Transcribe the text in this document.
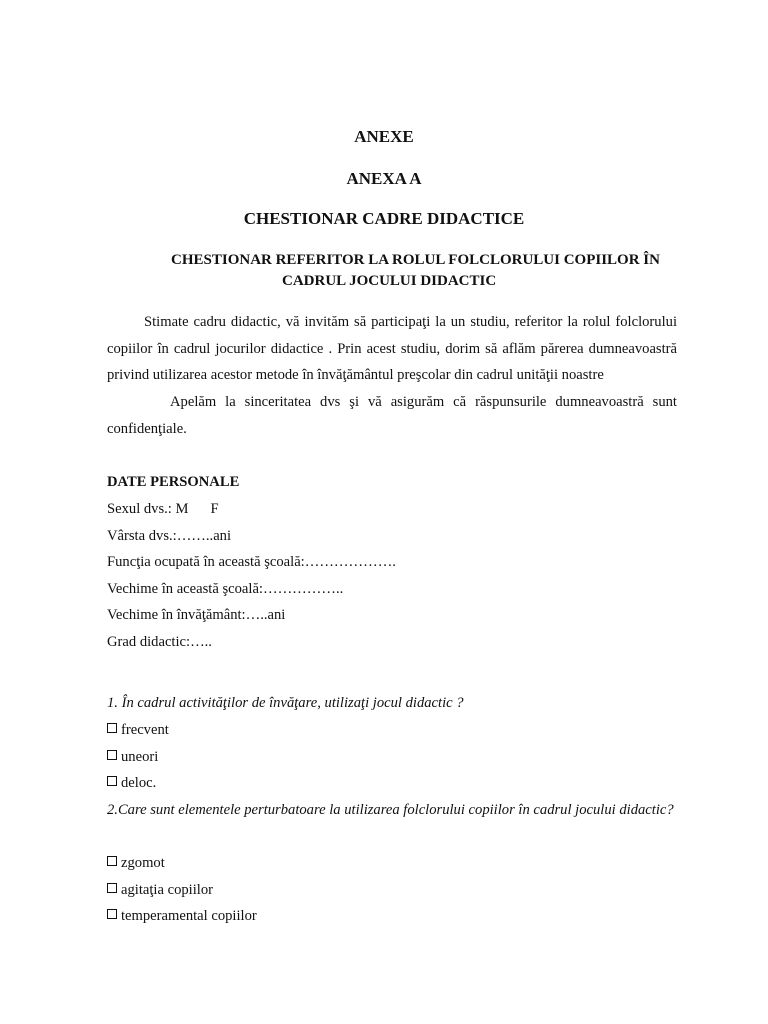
ANEXE
ANEXA A
CHESTIONAR CADRE DIDACTICE
CHESTIONAR REFERITOR LA ROLUL FOLCLORULUI COPIILOR ÎN
CADRUL JOCULUI DIDACTIC
Stimate cadru didactic, vă invităm să participaţi la un studiu, referitor la rolul folclorului copiilor în cadrul jocurilor didactice . Prin acest studiu, dorim să aflăm părerea dumneavoastră privind utilizarea acestor metode în învăţământul preşcolar din cadrul unităţii noastre
Apelăm la sinceritatea dvs şi vă asigurăm că răspunsurile dumneavoastră sunt confidenţiale.
DATE PERSONALE
Sexul dvs.: M F
Vârsta dvs.:……..ani
Funcţia ocupată în această şcoală:……………….
Vechime în această şcoală:……………..
Vechime în învăţământ:…..ani
Grad didactic:…..
1. În cadrul activităţilor de învăţare, utilizaţi jocul didactic ?
frecvent
uneori
deloc.
2.Care sunt elementele perturbatoare la utilizarea folclorului copiilor în cadrul jocului didactic?
zgomot
agitaţia copiilor
temperamental copiilor
